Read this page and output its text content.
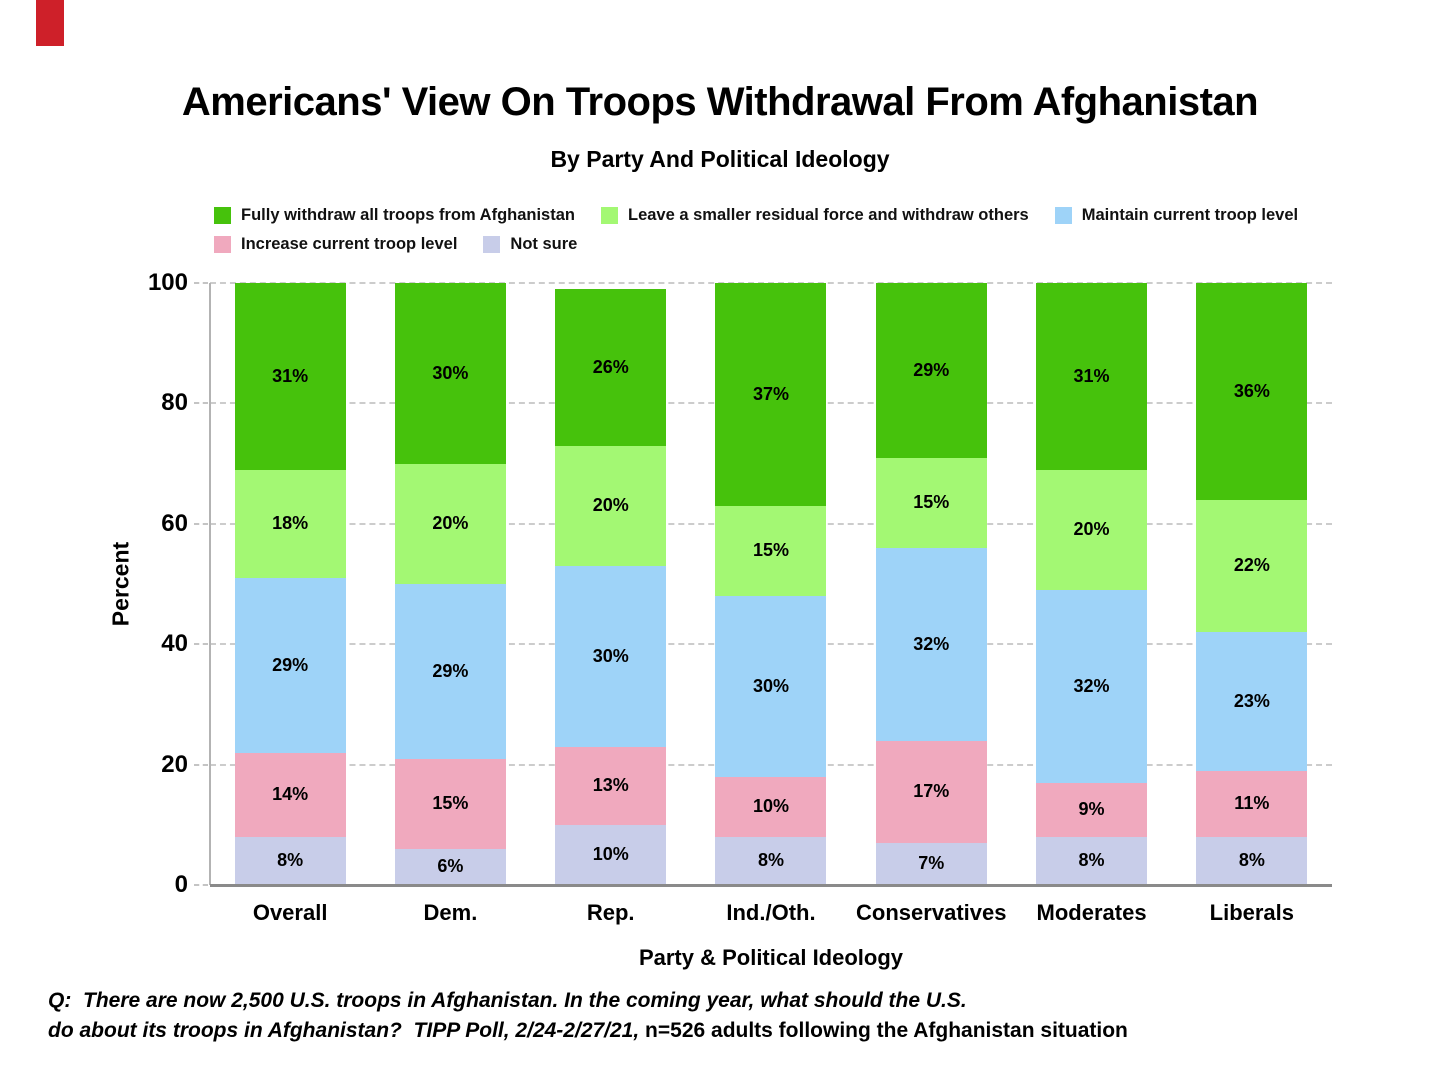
Americans' View On Troops Withdrawal From Afghanistan
By Party And Political Ideology
Fully withdraw all troops from Afghanistan	Leave a smaller residual force and withdraw others	Maintain current troop level
Increase current troop level	Not sure
Percent
0
20
40
60
80
100
31%
18%
29%
14%
8%
30%
20%
29%
15%
6%
26%
20%
30%
13%
10%
37%
15%
30%
10%
8%
29%
15%
32%
17%
7%
31%
20%
32%
9%
8%
36%
22%
23%
11%
8%
Overall	Dem.	Rep.	Ind./Oth.	Conservatives	Moderates	Liberals
Party & Political Ideology
Q:  There are now 2,500 U.S. troops in Afghanistan. In the coming year, what should the U.S.
do about its troops in Afghanistan?  TIPP Poll, 2/24-2/27/21, n=526 adults following the Afghanistan situation
